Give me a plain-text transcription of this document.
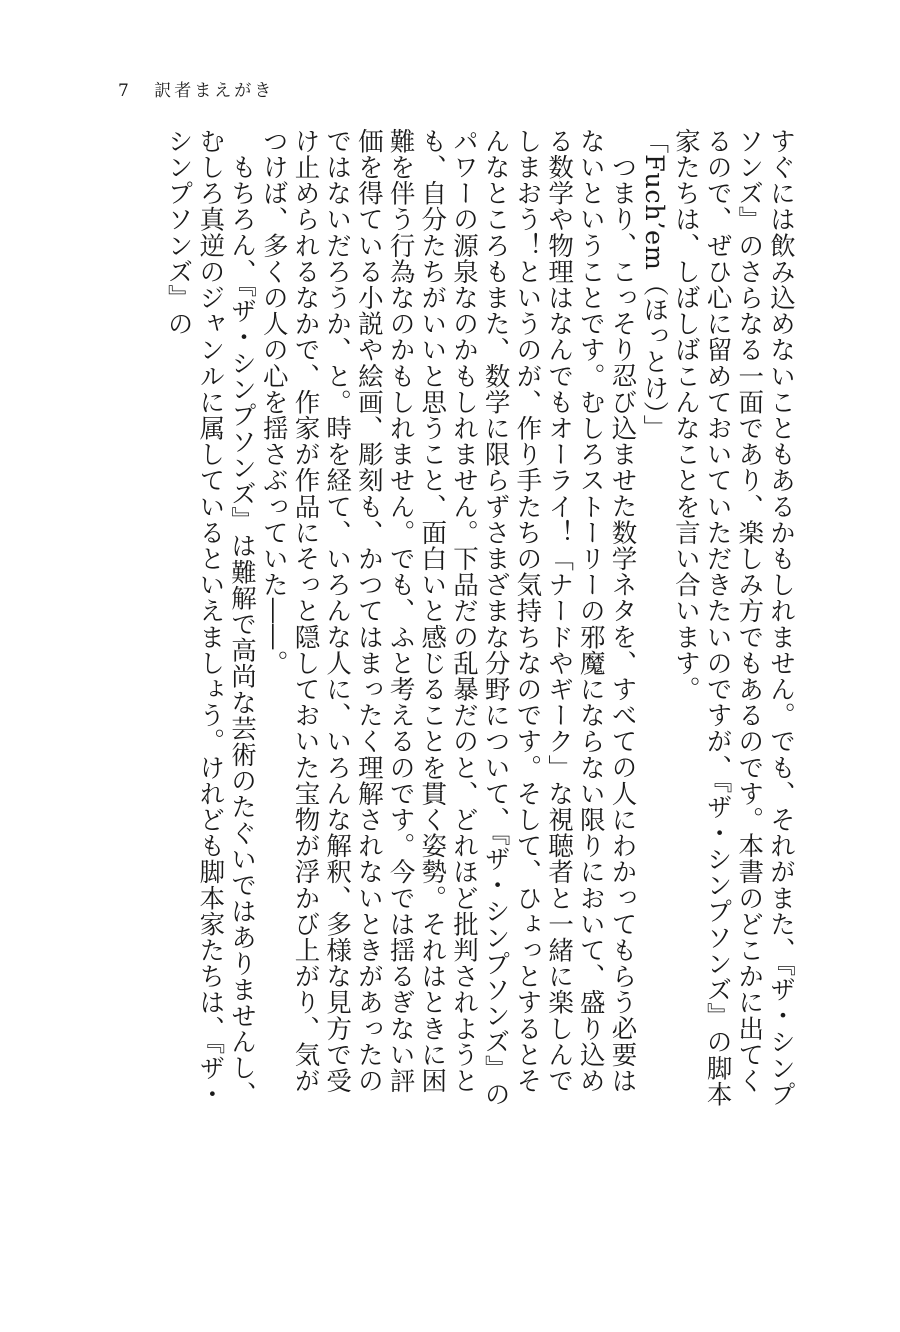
7 訳者まえがき

すぐには飲み込めないこともあるかもしれません。でも、それがまた、『ザ・シンプソンズ』のさらなる一面であり、楽しみ方でもあるのです。本書のどこかに出てくるので、ぜひ心に留めておいていただきたいのですが、『ザ・シンプソンズ』の脚本家たちは、しばしばこんなことを言い合います。

「Fuch’em（ほっとけ）」

つまり、こっそり忍び込ませた数学ネタを、すべての人にわかってもらう必要はないということです。むしろストーリーの邪魔にならない限りにおいて、盛り込める数学や物理はなんでもオーライ！「ナードやギーク」な視聴者と一緒に楽しんでしまおう！というのが、作り手たちの気持ちなのです。そして、ひょっとするとそんなところもまた、数学に限らずさまざまな分野について、『ザ・シンプソンズ』のパワーの源泉なのかもしれません。下品だの乱暴だのと、どれほど批判されようとも、自分たちがいいと思うこと、面白いと感じることを貫く姿勢。それはときに困難を伴う行為なのかもしれません。でも、ふと考えるのです。今では揺るぎない評価を得ている小説や絵画、彫刻も、かつてはまったく理解されないときがあったのではないだろうか、と。時を経て、いろんな人に、いろんな解釈、多様な見方で受け止められるなかで、作家が作品にそっと隠しておいた宝物が浮かび上がり、気がつけば、多くの人の心を揺さぶっていた――。

もちろん、『ザ・シンプソンズ』は難解で高尚な芸術のたぐいではありませんし、むしろ真逆のジャンルに属しているといえましょう。けれども脚本家たちは、『ザ・シンプソンズ』の
